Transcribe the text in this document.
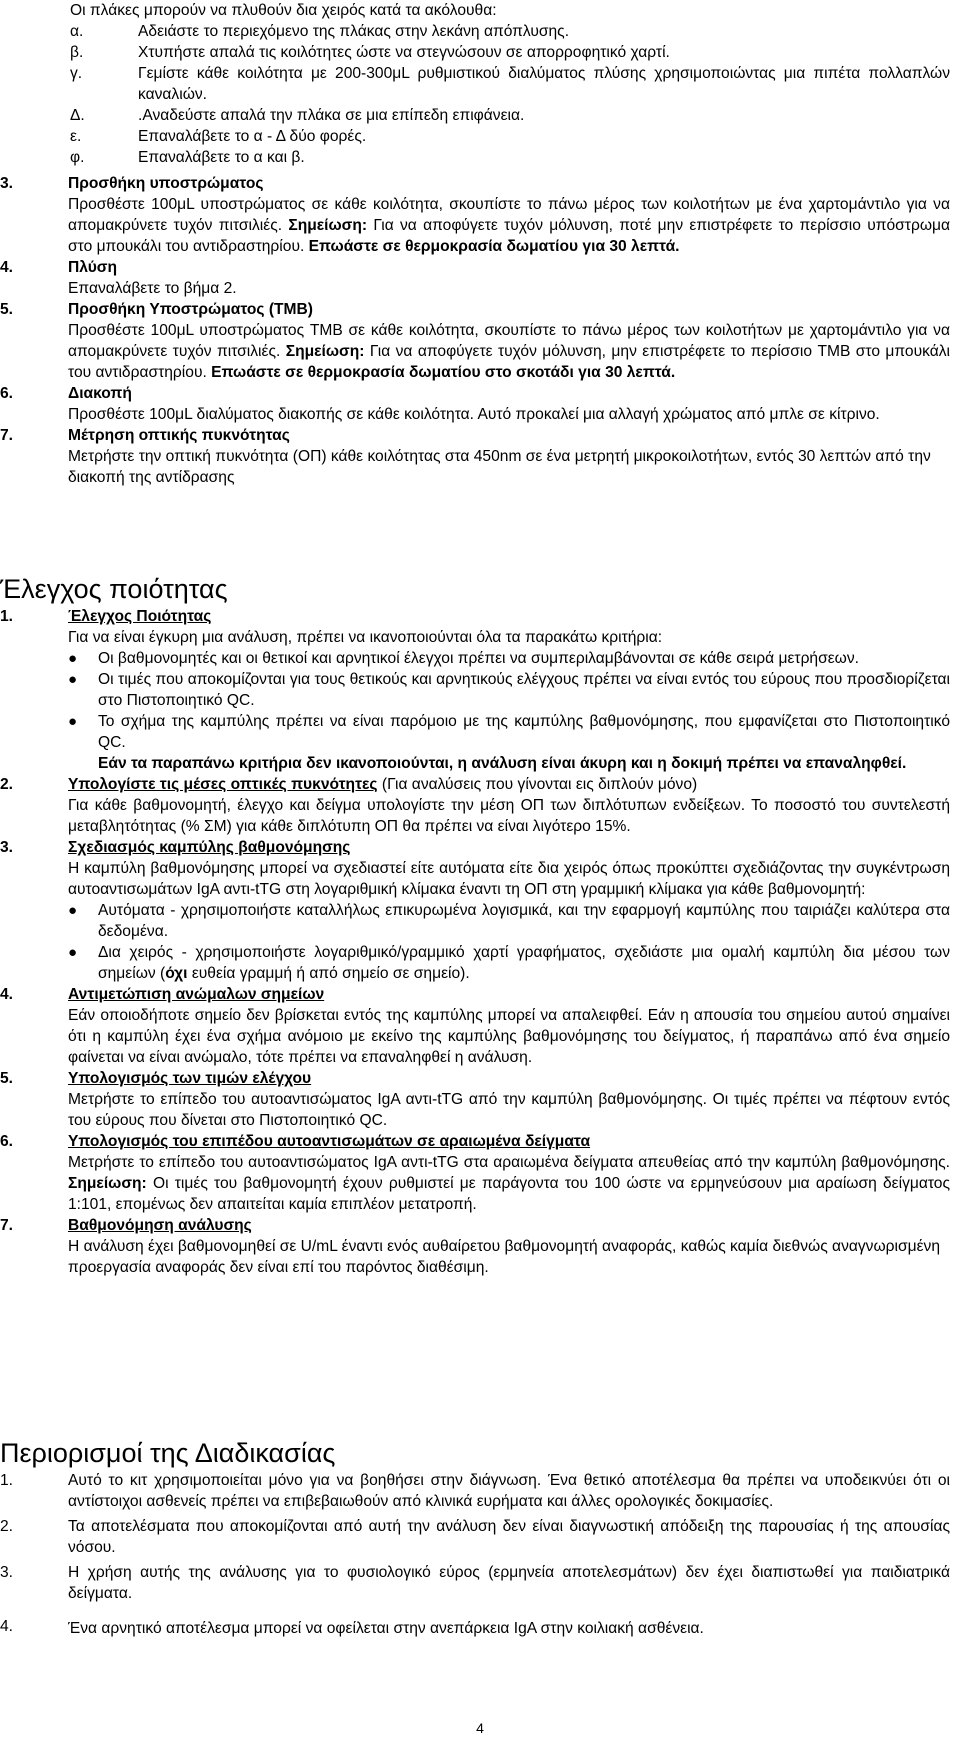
Οι πλάκες μπορούν να πλυθούν δια χειρός κατά τα ακόλουθα:
α.	Αδειάστε το περιεχόμενο της πλάκας στην λεκάνη απόπλυσης.
β.	Χτυπήστε απαλά τις κοιλότητες ώστε να στεγνώσουν σε απορροφητικό χαρτί.
γ.	Γεμίστε κάθε κοιλότητα με 200-300μL ρυθμιστικού διαλύματος πλύσης χρησιμοποιώντας μια πιπέτα πολλαπλών καναλιών.
Δ.	.Αναδεύστε απαλά την πλάκα σε μια επίπεδη επιφάνεια.
ε.	Επαναλάβετε το α - Δ δύο φορές.
φ.	Επαναλάβετε το α και β.
3.	Προσθήκη υποστρώματος
Προσθέστε 100μL υποστρώματος σε κάθε κοιλότητα, σκουπίστε το πάνω μέρος των κοιλοτήτων με ένα χαρτομάντιλο για να απομακρύνετε τυχόν πιτσιλιές. Σημείωση: Για να αποφύγετε τυχόν μόλυνση, ποτέ μην επιστρέφετε το περίσσιο υπόστρωμα στο μπουκάλι του αντιδραστηρίου. Επωάστε σε θερμοκρασία δωματίου για 30 λεπτά.
4.	Πλύση
Επαναλάβετε το βήμα 2.
5.	Προσθήκη Υποστρώματος (TMB)
Προσθέστε 100μL υποστρώματος TMB σε κάθε κοιλότητα, σκουπίστε το πάνω μέρος των κοιλοτήτων με χαρτομάντιλο για να απομακρύνετε τυχόν πιτσιλιές. Σημείωση: Για να αποφύγετε τυχόν μόλυνση, μην επιστρέφετε το περίσσιο TMB στο μπουκάλι του αντιδραστηρίου. Επωάστε σε θερμοκρασία δωματίου στο σκοτάδι για 30 λεπτά.
6.	Διακοπή
Προσθέστε 100μL διαλύματος διακοπής σε κάθε κοιλότητα. Αυτό προκαλεί μια αλλαγή χρώματος από μπλε σε κίτρινο.
7.	Μέτρηση οπτικής πυκνότητας
Μετρήστε την οπτική πυκνότητα (ΟΠ) κάθε κοιλότητας στα 450nm σε ένα μετρητή μικροκοιλοτήτων, εντός 30 λεπτών από την διακοπή της αντίδρασης
Έλεγχος ποιότητας
1.	Έλεγχος Ποιότητας
Για να είναι έγκυρη μια ανάλυση, πρέπει να ικανοποιούνται όλα τα παρακάτω κριτήρια:
●	Οι βαθμονομητές και οι θετικοί και αρνητικοί έλεγχοι πρέπει να συμπεριλαμβάνονται σε κάθε σειρά μετρήσεων.
●	Οι τιμές που αποκομίζονται για τους θετικούς και αρνητικούς ελέγχους πρέπει να είναι εντός του εύρους που προσδιορίζεται στο Πιστοποιητικό QC.
●	Το σχήμα της καμπύλης πρέπει να είναι παρόμοιο με της καμπύλης βαθμονόμησης, που εμφανίζεται στο Πιστοποιητικό QC.
Εάν τα παραπάνω κριτήρια δεν ικανοποιούνται, η ανάλυση είναι άκυρη και η δοκιμή πρέπει να επαναληφθεί.
2.	Υπολογίστε τις μέσες οπτικές πυκνότητες (Για αναλύσεις που γίνονται εις διπλούν μόνο)
Για κάθε βαθμονομητή, έλεγχο και δείγμα υπολογίστε την μέση ΟΠ των διπλότυπων ενδείξεων. Το ποσοστό του συντελεστή μεταβλητότητας (% ΣΜ) για κάθε διπλότυπη ΟΠ θα πρέπει να είναι λιγότερο 15%.
3.	Σχεδιασμός καμπύλης βαθμονόμησης
Η καμπύλη βαθμονόμησης μπορεί να σχεδιαστεί είτε αυτόματα είτε δια χειρός όπως προκύπτει σχεδιάζοντας την συγκέντρωση αυτοαντισωμάτων IgA αντι-tTG στη λογαριθμική κλίμακα έναντι τη ΟΠ στη γραμμική κλίμακα για κάθε βαθμονομητή:
●	Αυτόματα - χρησιμοποιήστε καταλλήλως επικυρωμένα λογισμικά, και την εφαρμογή καμπύλης που ταιριάζει καλύτερα στα δεδομένα.
●	Δια χειρός - χρησιμοποιήστε λογαριθμικό/γραμμικό χαρτί γραφήματος, σχεδιάστε μια ομαλή καμπύλη δια μέσου των σημείων (όχι ευθεία γραμμή ή από σημείο σε σημείο).
4.	Αντιμετώπιση ανώμαλων σημείων
Εάν οποιοδήποτε σημείο δεν βρίσκεται εντός της καμπύλης μπορεί να απαλειφθεί. Εάν η απουσία του σημείου αυτού σημαίνει ότι η καμπύλη έχει ένα σχήμα ανόμοιο με εκείνο της καμπύλης βαθμονόμησης του δείγματος, ή παραπάνω από ένα σημείο φαίνεται να είναι ανώμαλο, τότε πρέπει να επαναληφθεί η ανάλυση.
5.	Υπολογισμός των τιμών ελέγχου
Μετρήστε το επίπεδο του αυτοαντισώματος IgA αντι-tTG από την καμπύλη βαθμονόμησης. Οι τιμές πρέπει να πέφτουν εντός του εύρους που δίνεται στο Πιστοποιητικό QC.
6.	Υπολογισμός του επιπέδου αυτοαντισωμάτων σε αραιωμένα δείγματα
Μετρήστε το επίπεδο του αυτοαντισώματος IgA αντι-tTG στα αραιωμένα δείγματα απευθείας από την καμπύλη βαθμονόμησης. Σημείωση: Οι τιμές του βαθμονομητή έχουν ρυθμιστεί με παράγοντα του 100 ώστε να ερμηνεύσουν μια αραίωση δείγματος 1:101, επομένως δεν απαιτείται καμία επιπλέον μετατροπή.
7.	Βαθμονόμηση ανάλυσης
Η ανάλυση έχει βαθμονομηθεί σε U/mL έναντι ενός αυθαίρετου βαθμονομητή αναφοράς, καθώς καμία διεθνώς αναγνωρισμένη προεργασία αναφοράς δεν είναι επί του παρόντος διαθέσιμη.
Περιορισμοί της Διαδικασίας
1.	Αυτό το κιτ χρησιμοποιείται μόνο για να βοηθήσει στην διάγνωση. Ένα θετικό αποτέλεσμα θα πρέπει να υποδεικνύει ότι οι αντίστοιχοι ασθενείς πρέπει να επιβεβαιωθούν από κλινικά ευρήματα και άλλες ορολογικές δοκιμασίες.
2.	Τα αποτελέσματα που αποκομίζονται από αυτή την ανάλυση δεν είναι διαγνωστική απόδειξη της παρουσίας ή της απουσίας νόσου.
3.	Η χρήση αυτής της ανάλυσης για το φυσιολογικό εύρος (ερμηνεία αποτελεσμάτων) δεν έχει διαπιστωθεί για παιδιατρικά δείγματα.
4.	Ένα αρνητικό αποτέλεσμα μπορεί να οφείλεται στην ανεπάρκεια IgA στην κοιλιακή ασθένεια.
4
